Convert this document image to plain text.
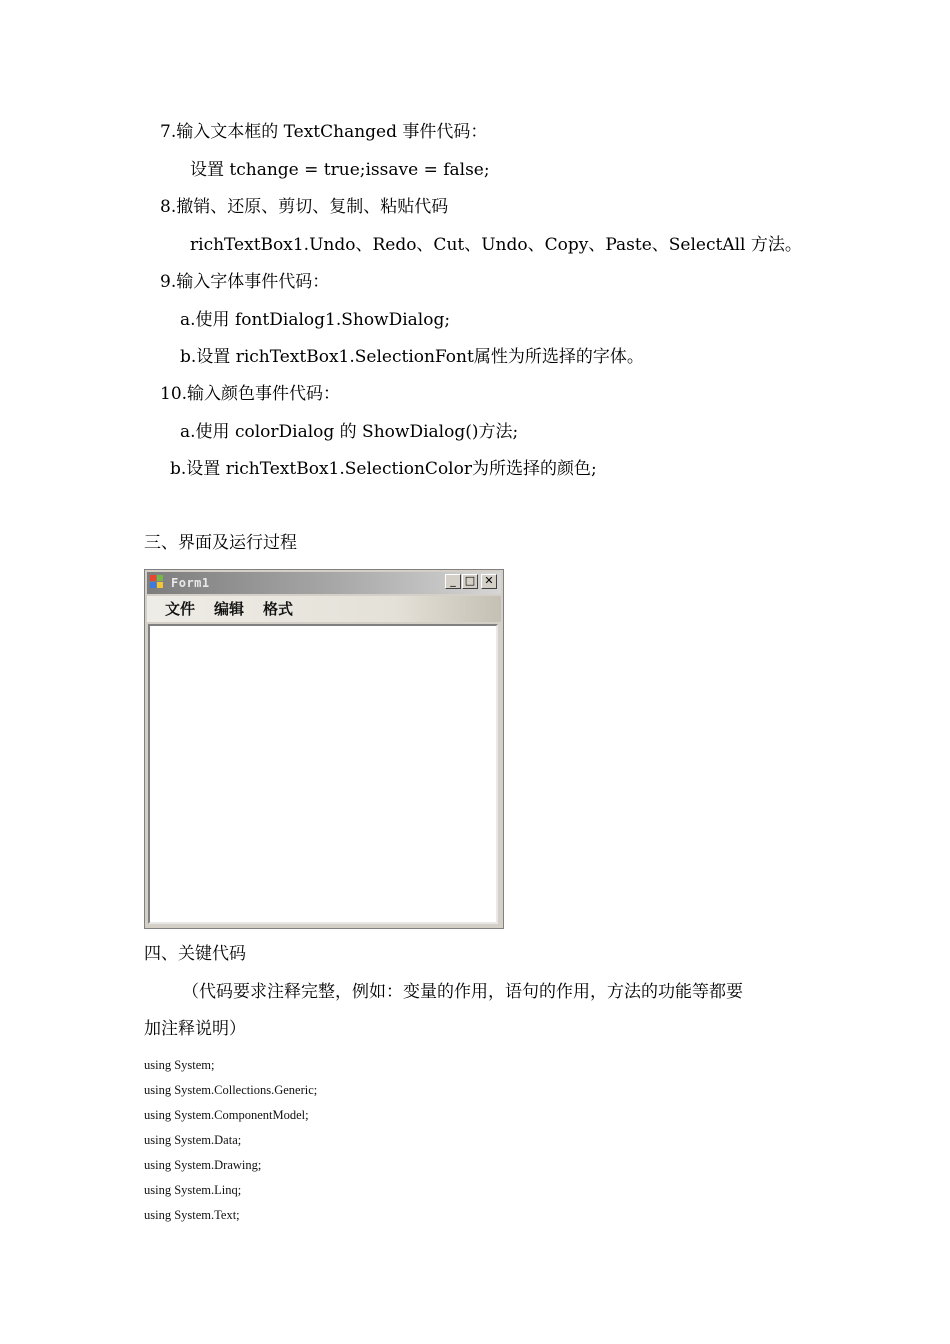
7.输入文本框的 TextChanged 事件代码：
设置 tchange = true;issave = false;
8.撤销、还原、剪切、复制、粘贴代码
richTextBox1.Undo、Redo、Cut、Undo、Copy、Paste、SelectAll 方法。
9.输入字体事件代码：
a.使用 fontDialog1.ShowDialog;
b.设置 richTextBox1.SelectionFont属性为所选择的字体。
10.输入颜色事件代码：
a.使用 colorDialog 的 ShowDialog()方法;
b.设置 richTextBox1.SelectionColor为所选择的颜色;
三、界面及运行过程
Form1	_ □ ✕
文件 编辑 格式
四、关键代码
（代码要求注释完整，例如：变量的作用，语句的作用，方法的功能等都要
加注释说明）
using System;
using System.Collections.Generic;
using System.ComponentModel;
using System.Data;
using System.Drawing;
using System.Linq;
using System.Text;
